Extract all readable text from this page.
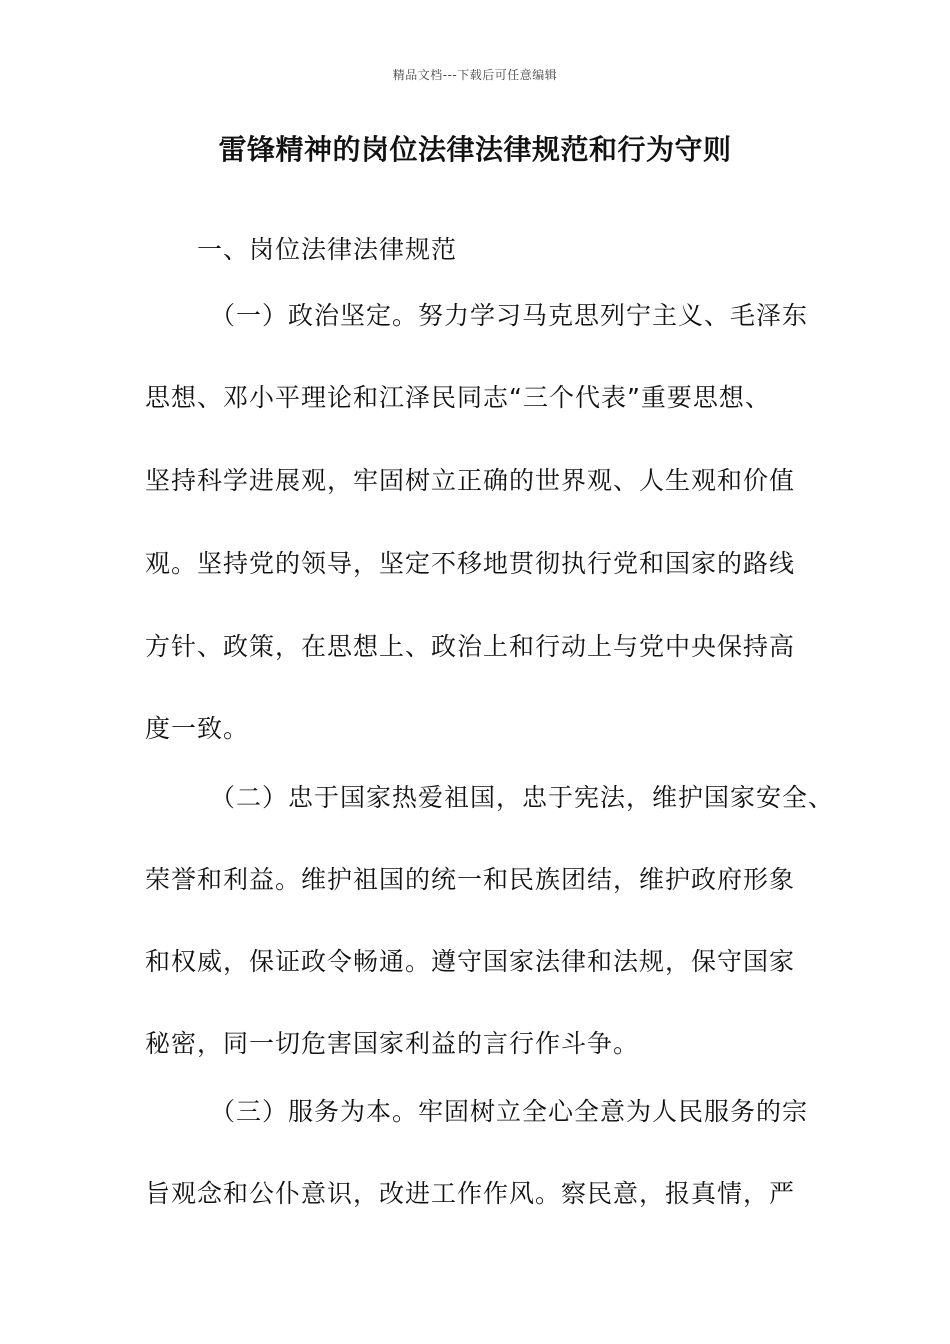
精品文档---下载后可任意编辑
雷锋精神的岗位法律法律规范和行为守则
一、岗位法律法律规范
（一）政治坚定。努力学习马克思列宁主义、毛泽东
思想、邓小平理论和江泽民同志“三个代表”重要思想、
坚持科学进展观，牢固树立正确的世界观、人生观和价值
观。坚持党的领导，坚定不移地贯彻执行党和国家的路线
方针、政策，在思想上、政治上和行动上与党中央保持高
度一致。
（二）忠于国家热爱祖国，忠于宪法，维护国家安全、
荣誉和利益。维护祖国的统一和民族团结，维护政府形象
和权威，保证政令畅通。遵守国家法律和法规，保守国家
秘密，同一切危害国家利益的言行作斗争。
（三）服务为本。牢固树立全心全意为人民服务的宗
旨观念和公仆意识，改进工作作风。察民意，报真情，严
